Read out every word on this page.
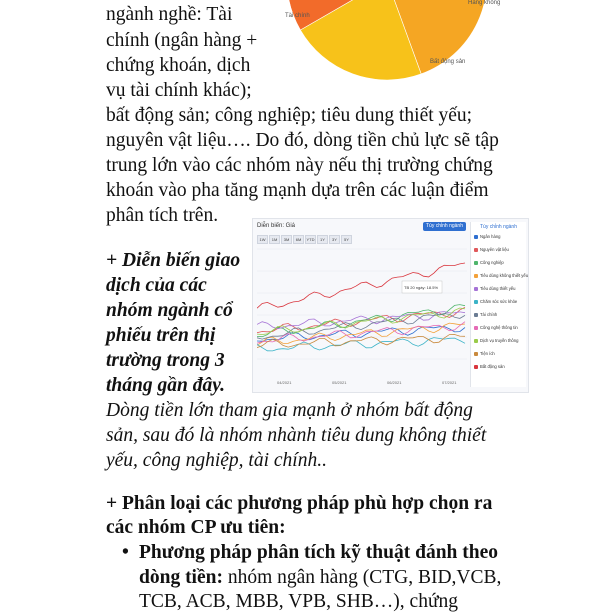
Tài chính
Bất động sản
Hàng không
ngành nghề: Tài
chính (ngân hàng +
chứng khoán, dịch
vụ tài chính khác);
bất động sản; công nghiệp; tiêu dung thiết yếu;
nguyên vật liệu…. Do đó, dòng tiền chủ lực sẽ tập
trung lớn vào các nhóm này nếu thị trường chứng
khoán vào pha tăng mạnh dựa trên các luận điểm
phân tích trên.
+ Diễn biến giao
dịch của các
nhóm ngành cổ
phiếu trên thị
trường trong 3
tháng gần đây.
Diễn biến: Giá	Tùy chỉnh ngành
1W	1M	3M	6M	YTD	1Y	3Y	5Y
04/2021	05/2021	06/2021	07/2021
TB 20 ngày: 18.5%
Tùy chỉnh ngành
Ngân hàng
Nguyên vật liệu
Công nghiệp
Tiêu dùng không thiết yếu
Tiêu dùng thiết yếu
Chăm sóc sức khỏe
Tài chính
Công nghệ thông tin
Dịch vụ truyền thông
Tiện ích
Bất động sản
Dòng tiền lớn tham gia mạnh ở nhóm bất động
sản, sau đó là nhóm nhành tiêu dung không thiết
yếu, công nghiệp, tài chính..
+ Phân loại các phương pháp phù hợp chọn ra
các nhóm CP ưu tiên:
• Phương pháp phân tích kỹ thuật đánh theo
dòng tiền: nhóm ngân hàng (CTG, BID,VCB,
TCB, ACB, MBB, VPB, SHB…), chứng
